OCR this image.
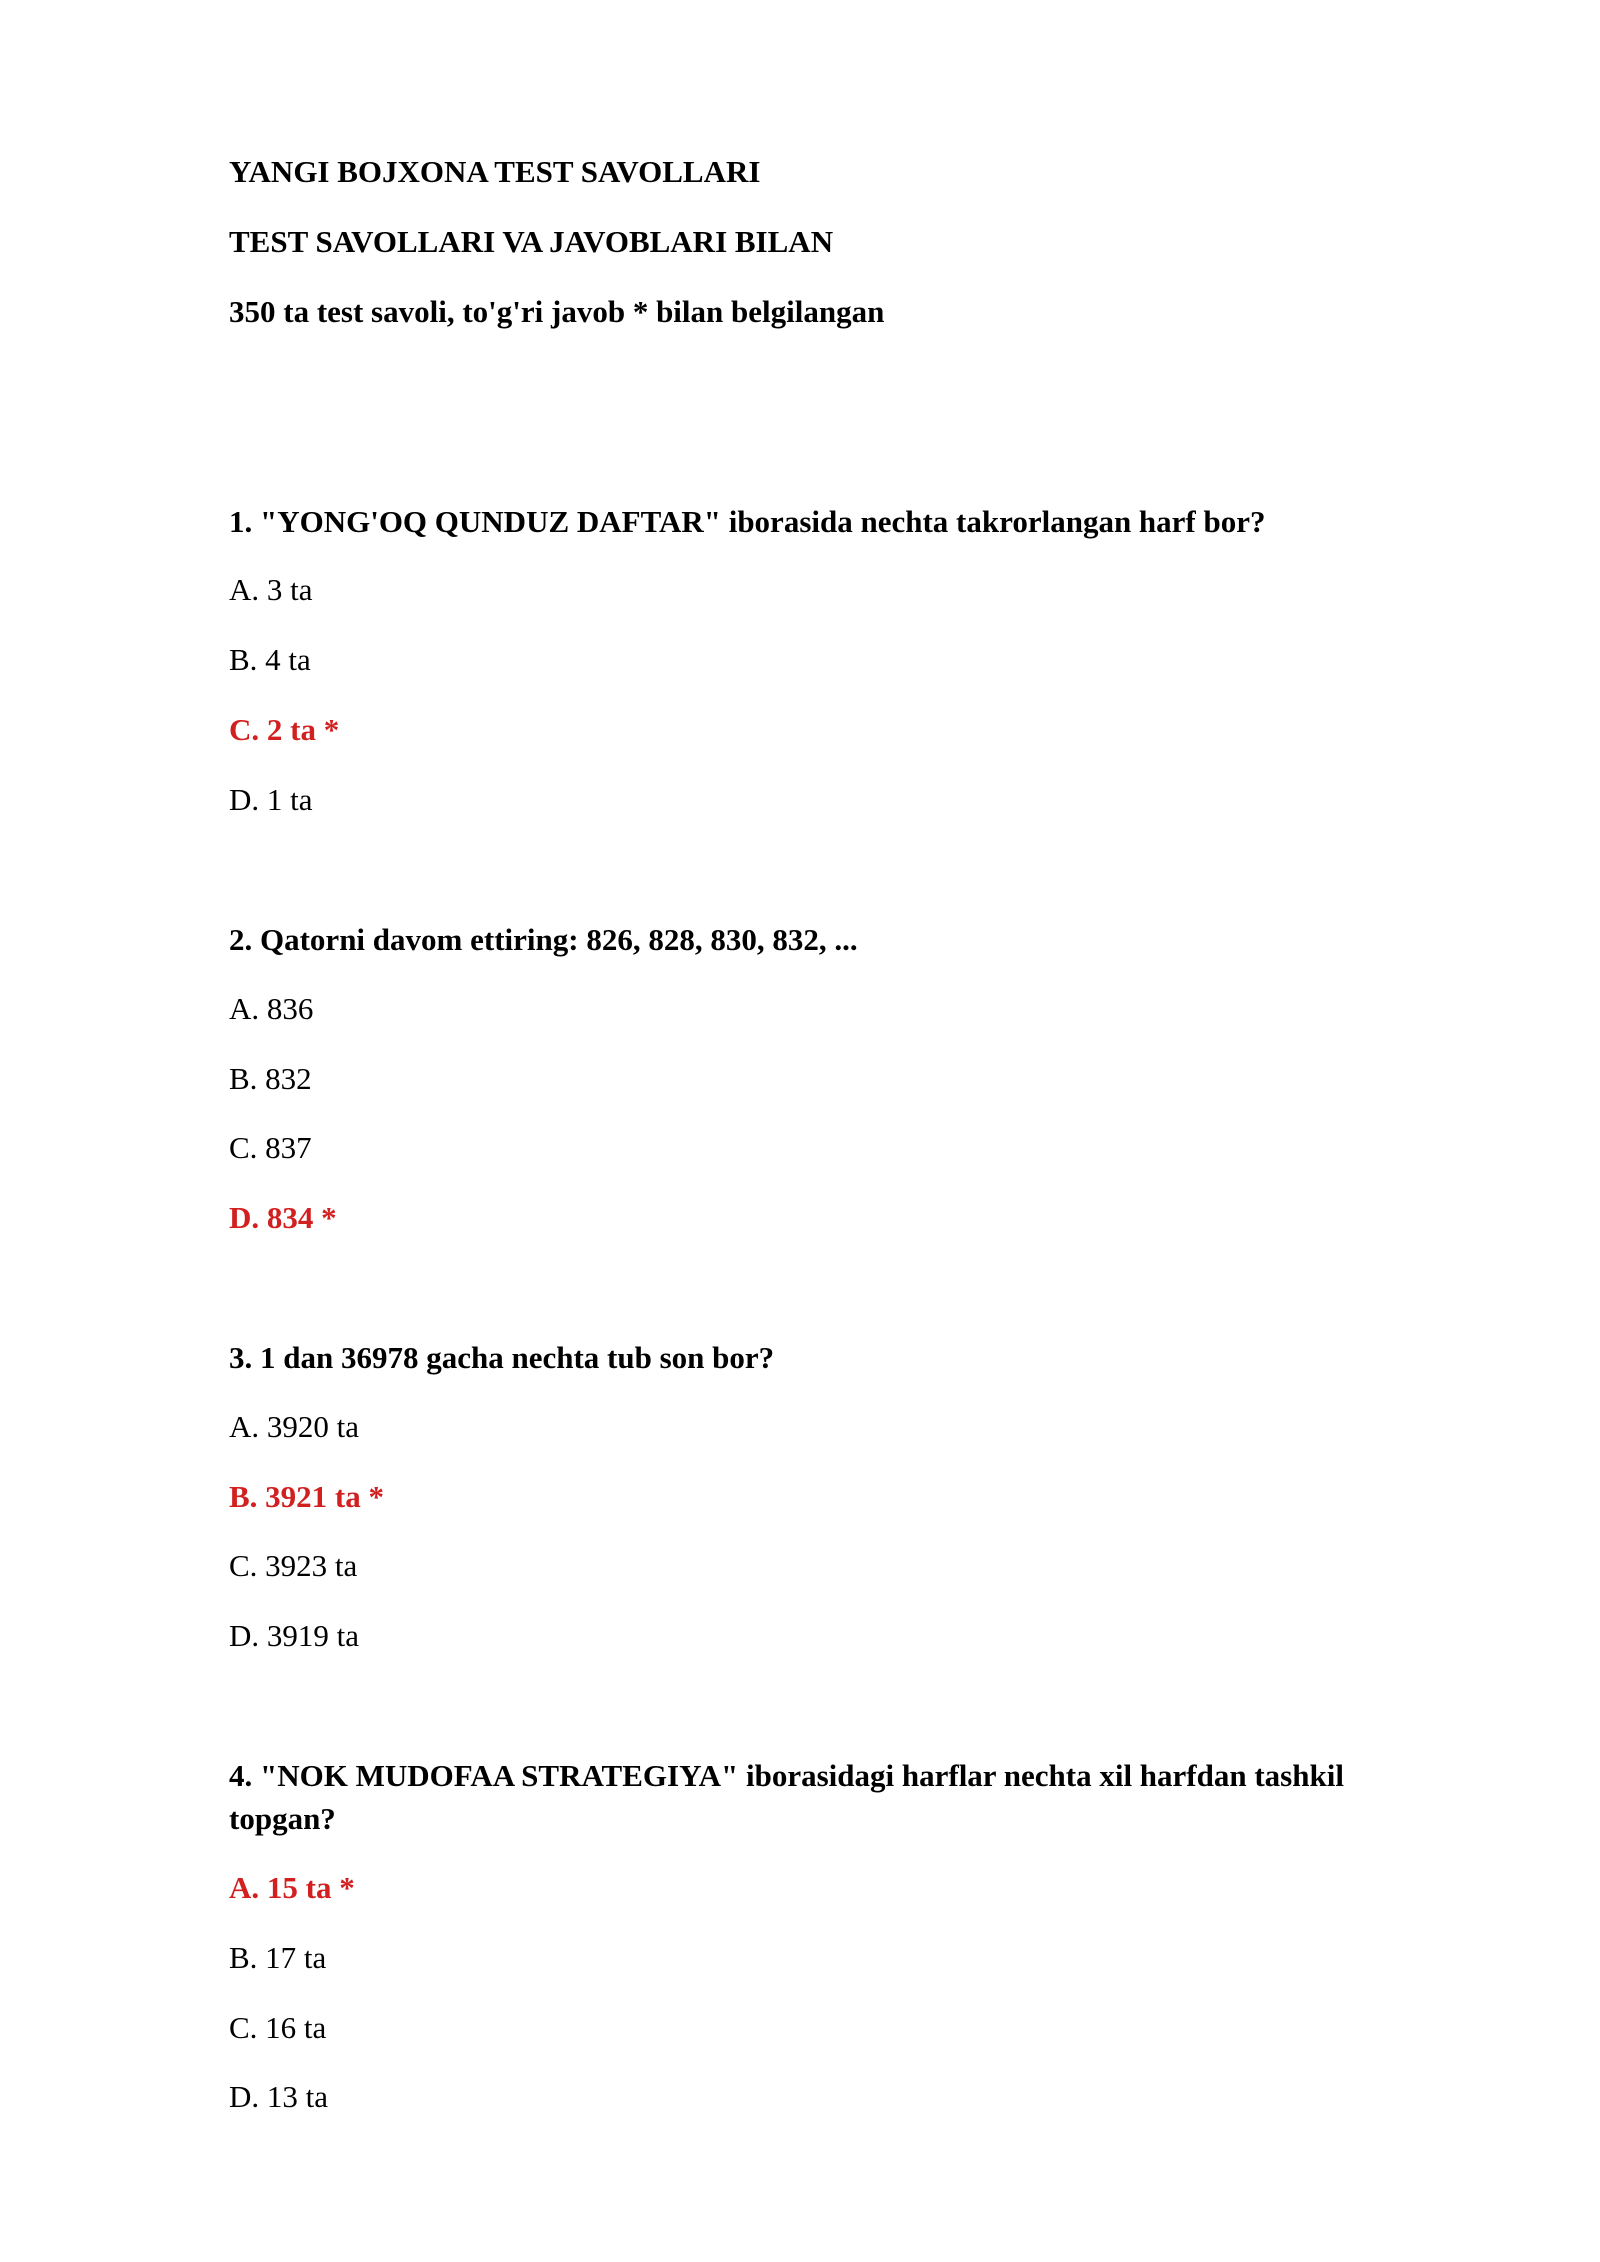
YANGI BOJXONA TEST SAVOLLARI
TEST SAVOLLARI VA JAVOBLARI BILAN
350 ta test savoli, to'g'ri javob * bilan belgilangan
1. "YONG'OQ QUNDUZ DAFTAR" iborasida nechta takrorlangan harf bor?
A. 3 ta
B. 4 ta
C. 2 ta *
D. 1 ta
2. Qatorni davom ettiring: 826, 828, 830, 832, ...
A. 836
B. 832
C. 837
D. 834 *
3. 1 dan 36978 gacha nechta tub son bor?
A. 3920 ta
B. 3921 ta *
C. 3923 ta
D. 3919 ta
4. "NOK MUDOFAA STRATEGIYA" iborasidagi harflar nechta xil harfdan tashkil topgan?
A. 15 ta *
B. 17 ta
C. 16 ta
D. 13 ta
